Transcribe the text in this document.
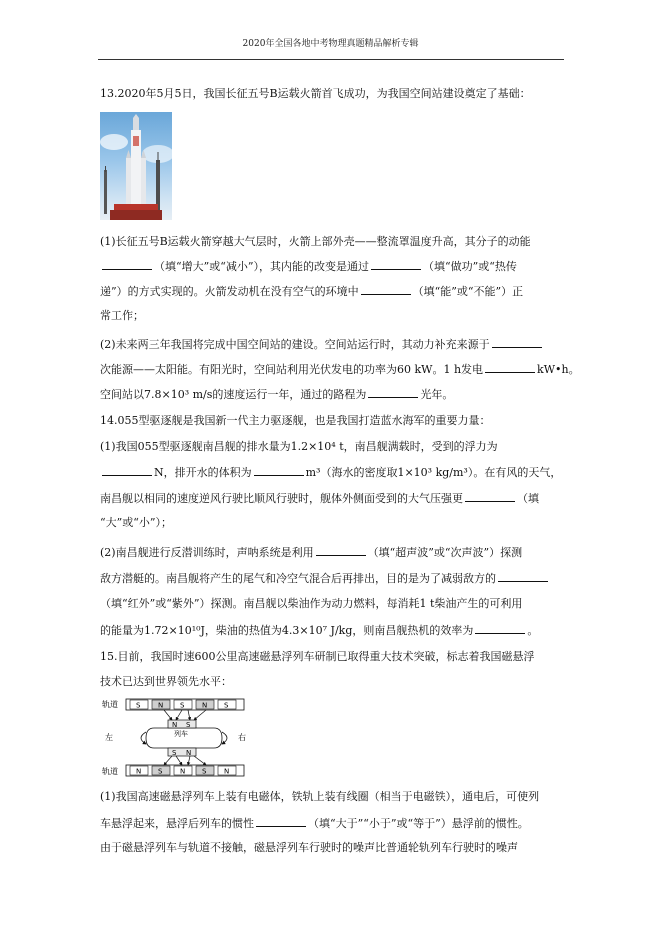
2020年全国各地中考物理真题精品解析专辑
13.2020年5月5日，我国长征五号B运载火箭首飞成功，为我国空间站建设奠定了基础：
(1)长征五号B运载火箭穿越大气层时，火箭上部外壳——整流罩温度升高，其分子的动能
（填“增大”或“减小”），其内能的改变是通过	（填“做功”或“热传
递”）的方式实现的。火箭发动机在没有空气的环境中	（填“能”或“不能”）正
常工作；
(2)未来两三年我国将完成中国空间站的建设。空间站运行时，其动力补充来源于
次能源——太阳能。有阳光时，空间站利用光伏发电的功率为60 kW。1 h发电	kW•h。
空间站以7.8×10³ m/s的速度运行一年，通过的路程为	光年。
14.055型驱逐舰是我国新一代主力驱逐舰，也是我国打造蓝水海军的重要力量：
(1)我国055型驱逐舰南昌舰的排水量为1.2×10⁴ t，南昌舰满载时，受到的浮力为
N，排开水的体积为	m³（海水的密度取1×10³ kg/m³）。在有风的天气，
南昌舰以相同的速度逆风行驶比顺风行驶时，舰体外侧面受到的大气压强更	（填
“大”或“小”）；
(2)南昌舰进行反潜训练时，声呐系统是利用	（填“超声波”或“次声波”）探测
敌方潜艇的。南昌舰将产生的尾气和冷空气混合后再排出，目的是为了减弱敌方的
（填“红外”或“紫外”）探测。南昌舰以柴油作为动力燃料，每消耗1 t柴油产生的可利用
的能量为1.72×10¹⁰J，柴油的热值为4.3×10⁷ J/kg，则南昌舰热机的效率为	。
15.目前，我国时速600公里高速磁悬浮列车研制已取得重大技术突破，标志着我国磁悬浮
技术已达到世界领先水平：
轨道
轨道
左	右
S	N S	N S
N S	N S	N
列车
N S
S N
(1)我国高速磁悬浮列车上装有电磁体，铁轨上装有线圈（相当于电磁铁），通电后，可使列
车悬浮起来，悬浮后列车的惯性	（填“大于”“小于”或“等于”）悬浮前的惯性。
由于磁悬浮列车与轨道不接触，磁悬浮列车行驶时的噪声比普通轮轨列车行驶时的噪声
